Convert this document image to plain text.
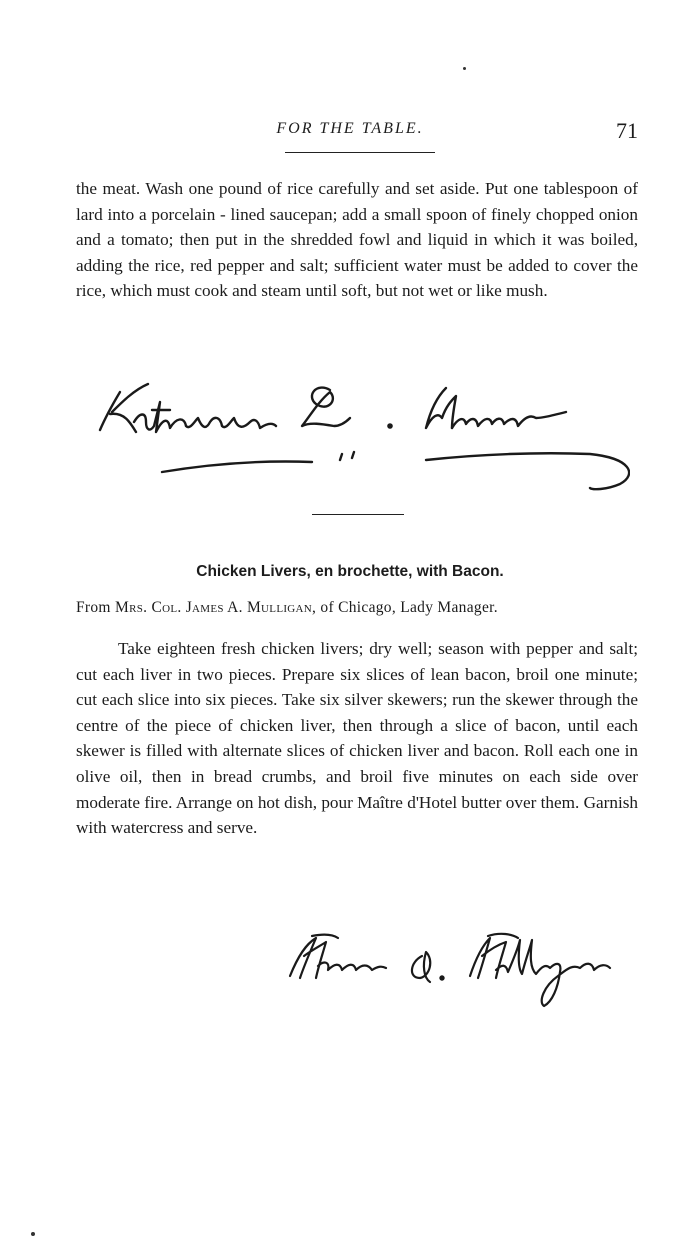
FOR THE TABLE.	71
the meat. Wash one pound of rice carefully and set aside. Put one tablespoon of lard into a porcelain - lined saucepan; add a small spoon of finely chopped onion and a tomato; then put in the shredded fowl and liquid in which it was boiled, adding the rice, red pepper and salt; sufficient water must be added to cover the rice, which must cook and steam until soft, but not wet or like mush.
Chicken Livers, en brochette, with Bacon.
From Mrs. Col. James A. Mulligan, of Chicago, Lady Manager.
Take eighteen fresh chicken livers; dry well; season with pepper and salt; cut each liver in two pieces. Prepare six slices of lean bacon, broil one minute; cut each slice into six pieces. Take six silver skewers; run the skewer through the centre of the piece of chicken liver, then through a slice of bacon, until each skewer is filled with alternate slices of chicken liver and bacon. Roll each one in olive oil, then in bread crumbs, and broil five minutes on each side over moderate fire. Arrange on hot dish, pour Maître d'Hotel butter over them. Garnish with watercress and serve.
